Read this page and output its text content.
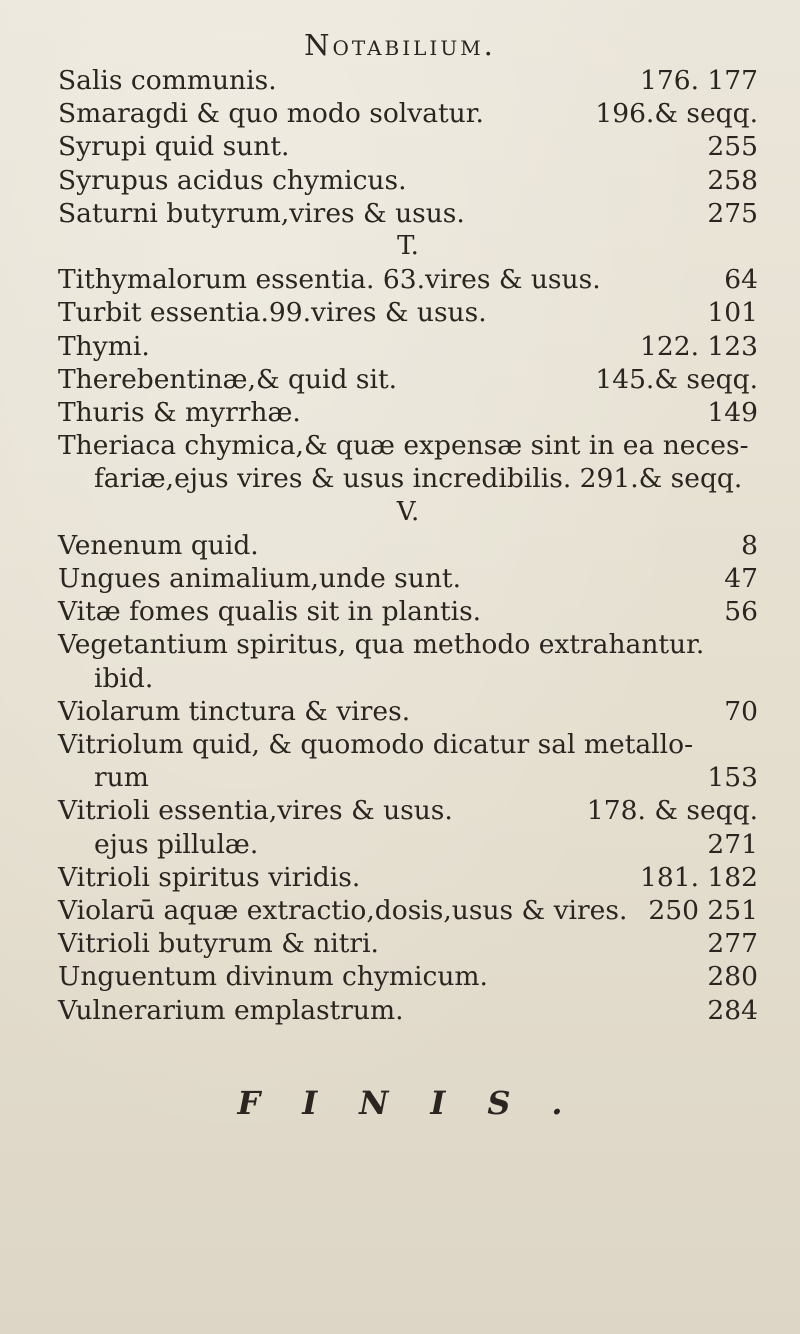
Notabilium.
Salis communis.	176. 177
Smaragdi & quo modo solvatur.	196.& seqq.
Syrupi quid sunt.	255
Syrupus acidus chymicus.	258
Saturni butyrum,vires & usus.	275
T.
Tithymalorum essentia. 63.vires & usus.	64
Turbit essentia.99.vires & usus.	101
Thymi.	122. 123
Therebentinæ,& quid sit.	145.& seqq.
Thuris & myrrhæ.	149
Theriaca chymica,& quæ expensæ sint in ea neces-
fariæ,ejus vires & usus incredibilis. 291.& seqq.
V.
Venenum quid.	8
Ungues animalium,unde sunt.	47
Vitæ fomes qualis sit in plantis.	56
Vegetantium spiritus, qua methodo extrahantur.
ibid.
Violarum tinctura & vires.	70
Vitriolum quid, & quomodo dicatur sal metallo-
rum	153
Vitrioli essentia,vires & usus.	178. & seqq.
ejus pillulæ.	271
Vitrioli spiritus viridis.	181. 182
Violarū aquæ extractio,dosis,usus & vires. 250 251
Vitrioli butyrum & nitri.	277
Unguentum divinum chymicum.	280
Vulnerarium emplastrum.	284
FINIS.
